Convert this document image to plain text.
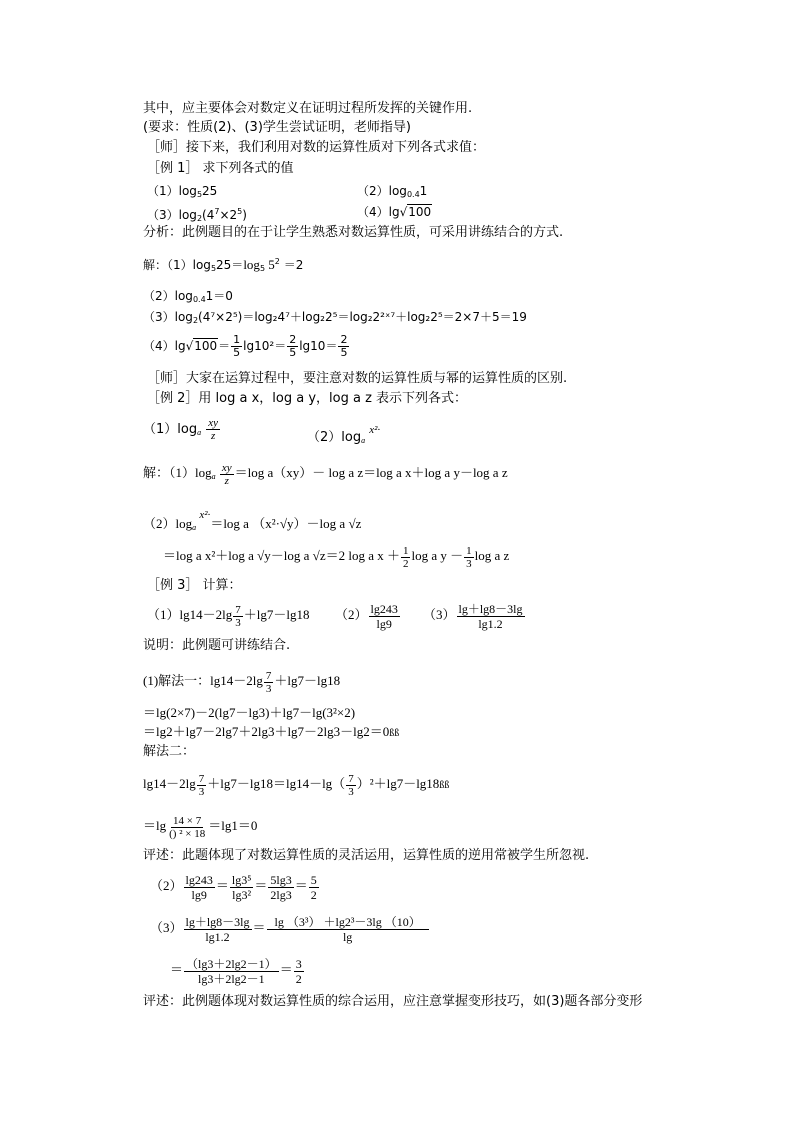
其中，应主要体会对数定义在证明过程所发挥的关键作用.
(要求：性质(2)、(3)学生尝试证明，老师指导)
［师］接下来，我们利用对数的运算性质对下列各式求值：
［例 1］ 求下列各式的值
$(1)\log_525$	$(2)\log_{0.4}1$
$(3)\log_2(4^7\times 2^5)$	（4）lg√100
分析：此例题目的在于让学生熟悉对数运算性质，可采用讲练结合的方式.
解：$(1)\log_525=\log_5$ $5^2 =2$
$(2)\log_{0.4}1=0$
$(3)\log_2(4^7\times 2^5)=\log_24^7+\log_22^5=\log_22^2ˣ^7+\log_22^5=2\times 7+5=19$
$(4)\lg√100= \frac{1}{5} \lg 10^2= \frac{2}{5} \lg 10= \frac{2}{5}$
［师］大家在运算过程中，要注意对数的运算性质与幂的运算性质的区别.
［例 2］用 log a x，log a y，log a z 表示下列各式：
$(1)\log_a \frac{xy}{z}$	$(2)\log_a$ $^{x^2\cdot}$
解：$(1)\log_a \frac{xy}{z} =\log$ a（xy）－ log a z＝log a x＋log a y－log a z
$(2)\log_a$ $^{x^2\cdot}$＝log a （x²·√y）－log a √z
＝log a x²＋log a √y－log a √z＝2 log a $x + \frac{1}{2}$ log a $y - \frac{1}{3}$ log a z
［例 3］ 计算：
$(1)\lg 14-2\lg \frac{7}{3} +\lg 7-\lg 18$ $(2) \frac{\lg 243}{\lg 9} (3) \frac{\lg+\lg 8-3\lg}{\lg 1.2}$
说明：此例题可讲练结合.
(1)解法一：$\lg 14-2\lg \frac{7}{3} +\lg 7-\lg 18$
＝lg(2×7)－2(lg7－lg3)＋lg7－lg(3²×2)
＝lg2＋lg7－2lg7＋2lg3＋lg7－2lg3－lg2＝0ßß
解法二：
$\lg 14-2\lg \frac{7}{3} +\lg 7-\lg 18=\lg 14-\lg( \frac{7}{3}$ ）²＋lg7－lg18ßß
$=\lg \frac{14 \times 7}{\text{() ² × 18}} =\lg 1=0$
评述：此题体现了对数运算性质的灵活运用，运算性质的逆用常被学生所忽视.
$(2) \frac{\lg 243}{\lg 9} = \frac{\text{lg3⁵}}{\text{lg3²}} = \frac{5\lg 3}{2\lg 3} = \frac{5}{2}$
$(3) \frac{\lg+\lg 8-3\lg}{\lg 1.2} = \frac{\text{lg （3³） ＋lg2³－3lg （10）}}{\lg}$
＝ $\frac{(\lg 3+2\lg 2-1)}{\lg 3+2\lg 2-1} = \frac{3}{2}$
评述：此例题体现对数运算性质的综合运用，应注意掌握变形技巧，如(3)题各部分变形
